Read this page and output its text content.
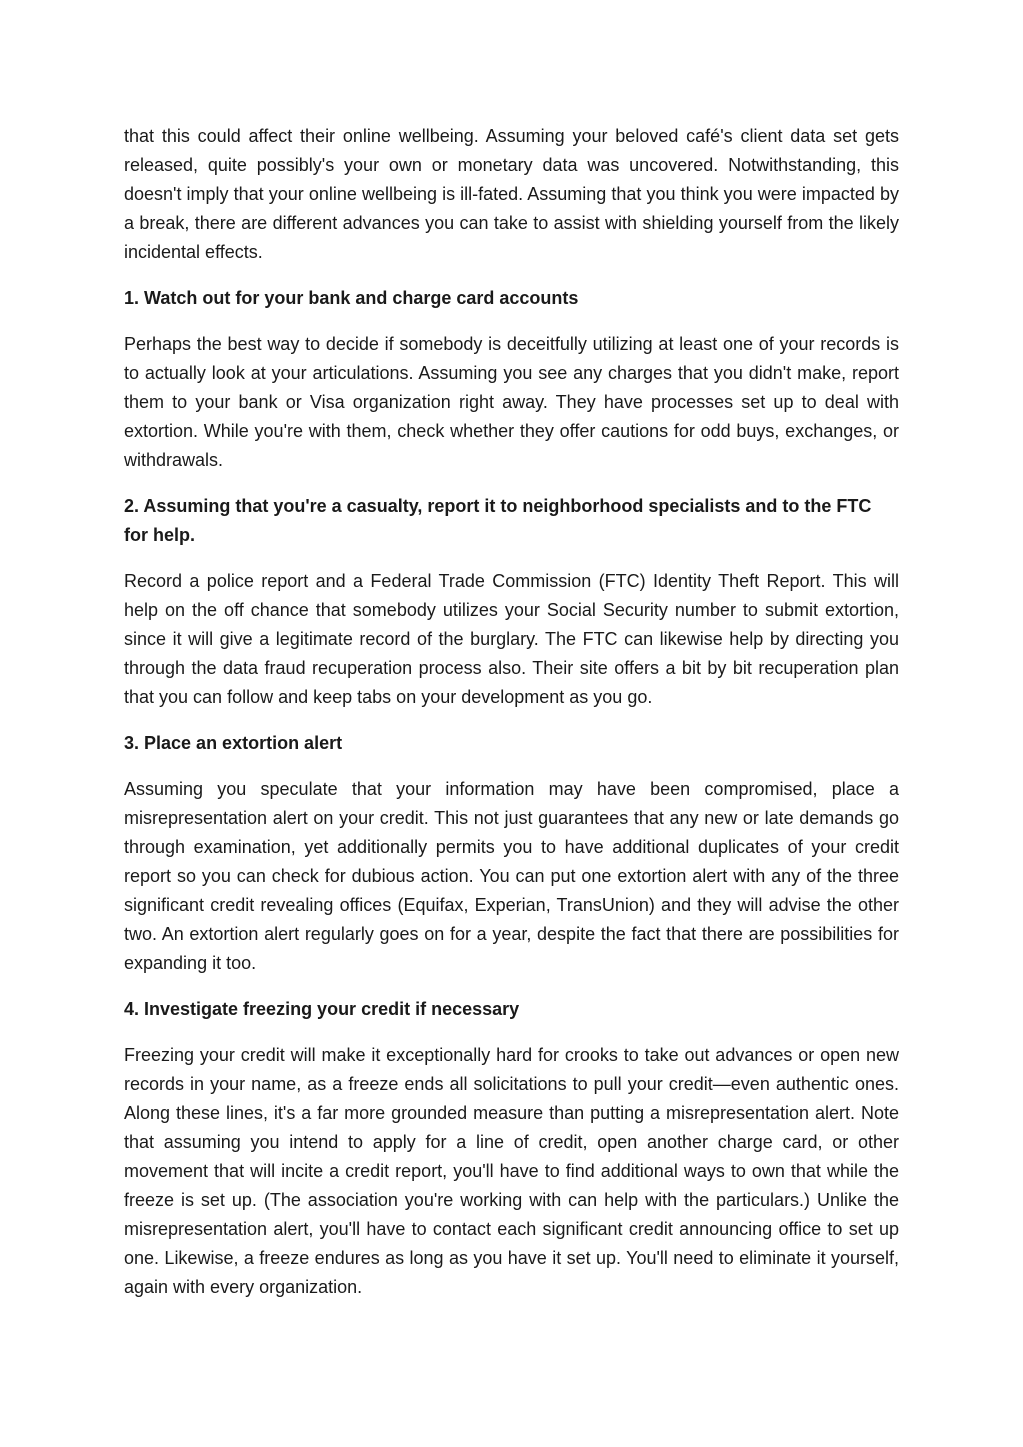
that this could affect their online wellbeing. Assuming your beloved café's client data set gets released, quite possibly's your own or monetary data was uncovered. Notwithstanding, this doesn't imply that your online wellbeing is ill-fated. Assuming that you think you were impacted by a break, there are different advances you can take to assist with shielding yourself from the likely incidental effects.

1. Watch out for your bank and charge card accounts

Perhaps the best way to decide if somebody is deceitfully utilizing at least one of your records is to actually look at your articulations. Assuming you see any charges that you didn't make, report them to your bank or Visa organization right away. They have processes set up to deal with extortion. While you're with them, check whether they offer cautions for odd buys, exchanges, or withdrawals.

2. Assuming that you're a casualty, report it to neighborhood specialists and to the FTC for help.

Record a police report and a Federal Trade Commission (FTC) Identity Theft Report. This will help on the off chance that somebody utilizes your Social Security number to submit extortion, since it will give a legitimate record of the burglary. The FTC can likewise help by directing you through the data fraud recuperation process also. Their site offers a bit by bit recuperation plan that you can follow and keep tabs on your development as you go.

3. Place an extortion alert

Assuming you speculate that your information may have been compromised, place a misrepresentation alert on your credit. This not just guarantees that any new or late demands go through examination, yet additionally permits you to have additional duplicates of your credit report so you can check for dubious action. You can put one extortion alert with any of the three significant credit revealing offices (Equifax, Experian, TransUnion) and they will advise the other two. An extortion alert regularly goes on for a year, despite the fact that there are possibilities for expanding it too.

4. Investigate freezing your credit if necessary

Freezing your credit will make it exceptionally hard for crooks to take out advances or open new records in your name, as a freeze ends all solicitations to pull your credit—even authentic ones. Along these lines, it's a far more grounded measure than putting a misrepresentation alert. Note that assuming you intend to apply for a line of credit, open another charge card, or other movement that will incite a credit report, you'll have to find additional ways to own that while the freeze is set up. (The association you're working with can help with the particulars.) Unlike the misrepresentation alert, you'll have to contact each significant credit announcing office to set up one. Likewise, a freeze endures as long as you have it set up. You'll need to eliminate it yourself, again with every organization.
